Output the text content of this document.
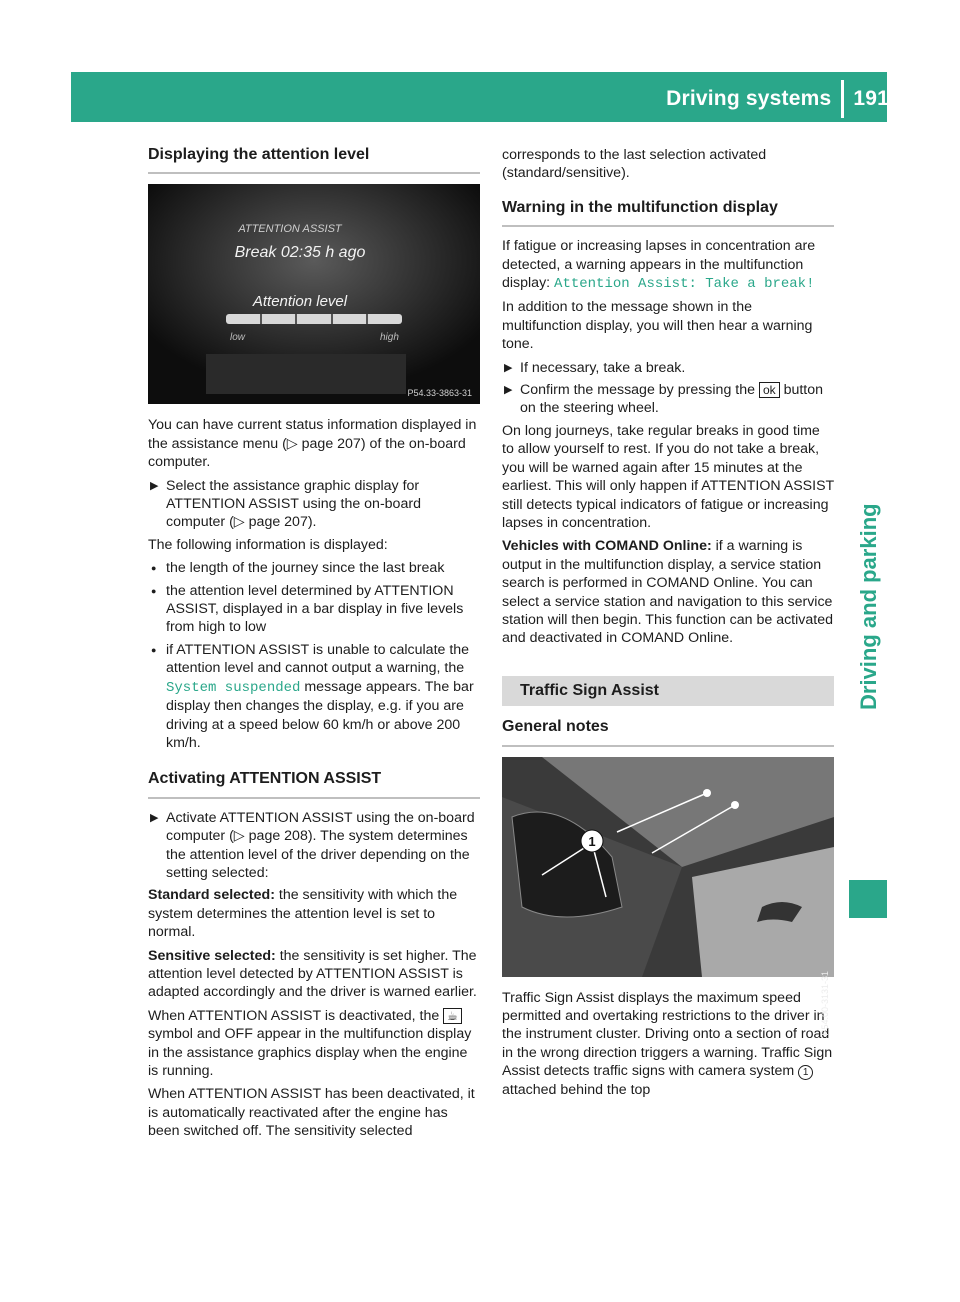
Driving systems 191
Driving and parking
Displaying the attention level
ATTENTION ASSIST
Break 02:35 h ago
Attention level
low	high
P54.33-3863-31

You can have current status information displayed in the assistance menu (▷ page 207) of the on-board computer.

▶ Select the assistance graphic display for ATTENTION ASSIST using the on-board computer (▷ page 207).

The following information is displayed:

● the length of the journey since the last break
● the attention level determined by ATTENTION ASSIST, displayed in a bar display in five levels from high to low
● if ATTENTION ASSIST is unable to calculate the attention level and cannot output a warning, the System suspended message appears. The bar display then changes the display, e.g. if you are driving at a speed below 60 km/h or above 200 km/h.
Activating ATTENTION ASSIST
▶ Activate ATTENTION ASSIST using the on-board computer (▷ page 208). The system determines the attention level of the driver depending on the setting selected:

Standard selected: the sensitivity with which the system determines the attention level is set to normal.

Sensitive selected: the sensitivity is set higher. The attention level detected by ATTENTION ASSIST is adapted accordingly and the driver is warned earlier.

When ATTENTION ASSIST is deactivated, the ☕ symbol and OFF appear in the multifunction display in the assistance graphics display when the engine is running.

When ATTENTION ASSIST has been deactivated, it is automatically reactivated after the engine has been switched off. The sensitivity selected

corresponds to the last selection activated (standard/sensitive).

Warning in the multifunction display

If fatigue or increasing lapses in concentration are detected, a warning appears in the multifunction display: Attention Assist: Take a break!

In addition to the message shown in the multifunction display, you will then hear a warning tone.

▶ If necessary, take a break.
▶ Confirm the message by pressing the ok button on the steering wheel.

On long journeys, take regular breaks in good time to allow yourself to rest. If you do not take a break, you will be warned again after 15 minutes at the earliest. This will only happen if ATTENTION ASSIST still detects typical indicators of fatigue or increasing lapses in concentration.

Vehicles with COMAND Online: if a warning is output in the multifunction display, a service station search is performed in COMAND Online. You can select a service station and navigation to this service station will then begin. This function can be activated and deactivated in COMAND Online.

Traffic Sign Assist
General notes
1
P54.00-3131-31

Traffic Sign Assist displays the maximum speed permitted and overtaking restrictions to the driver in the instrument cluster. Driving onto a section of road in the wrong direction triggers a warning. Traffic Sign Assist detects traffic signs with camera system 1 attached behind the top
